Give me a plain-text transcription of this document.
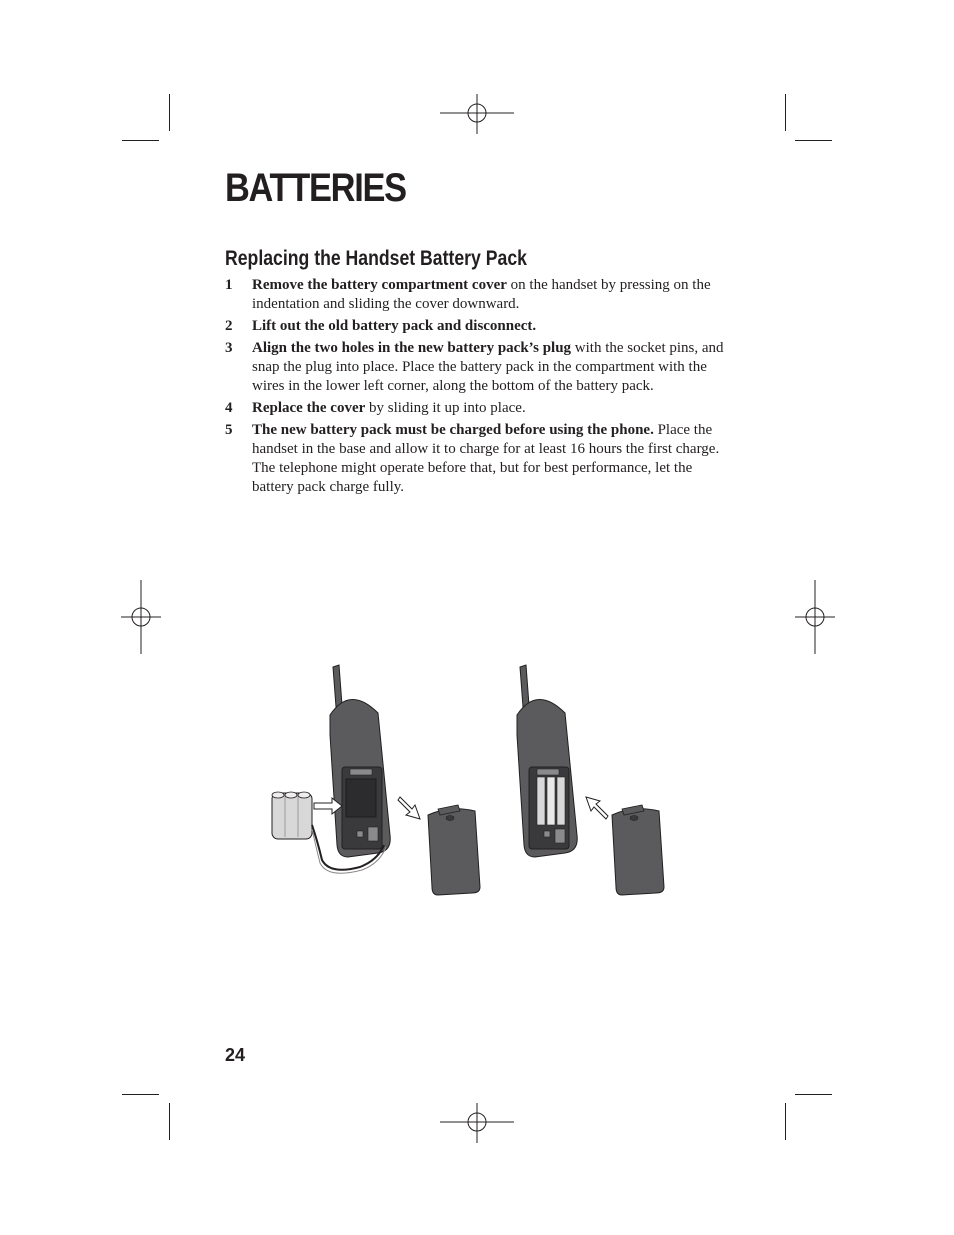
BATTERIES
Replacing the Handset Battery Pack
1 Remove the battery compartment cover on the handset by pressing on the indentation and sliding the cover downward.
2 Lift out the old battery pack and disconnect.
3 Align the two holes in the new battery pack’s plug with the socket pins, and snap the plug into place. Place the battery pack in the compartment with the wires in the lower left corner, along the bottom of the battery pack.
4 Replace the cover by sliding it up into place.
5 The new battery pack must be charged before using the phone. Place the handset in the base and allow it to charge for at least 16 hours the first charge. The telephone might operate before that, but for best performance, let the battery pack charge fully.
24
